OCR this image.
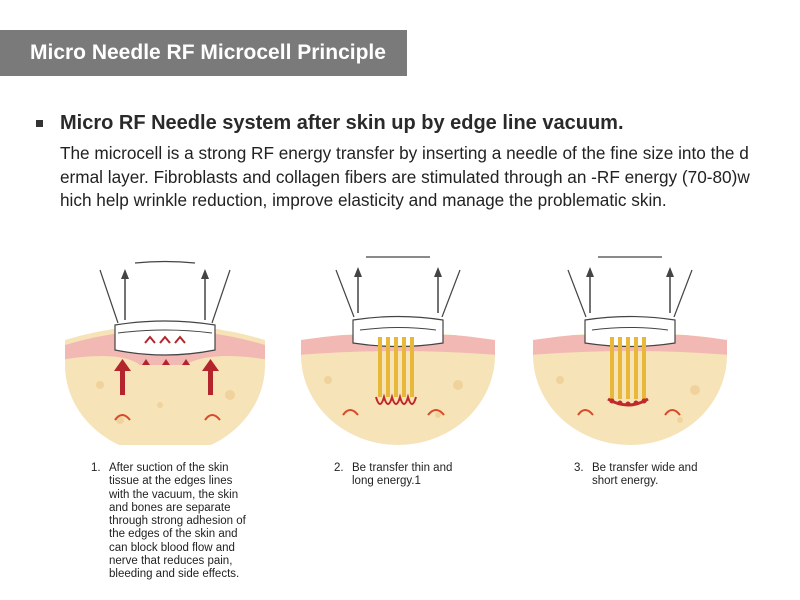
Micro Needle RF Microcell Principle
Micro RF Needle system after skin up by edge line vacuum.
The microcell is a strong RF energy transfer by inserting a needle of the fine size into the dermal layer. Fibroblasts and collagen fibers are stimulated through an -RF energy (70-80)which help wrinkle reduction, improve elasticity and manage the problematic skin.
1. After suction of the skin
tissue at the edges lines
with the vacuum, the skin
and bones are separate
through strong adhesion of
the edges of the skin and
can block blood flow and
nerve that reduces pain,
bleeding and side effects.
2. Be transfer thin and
long energy.1
3. Be transfer wide and
short energy.
